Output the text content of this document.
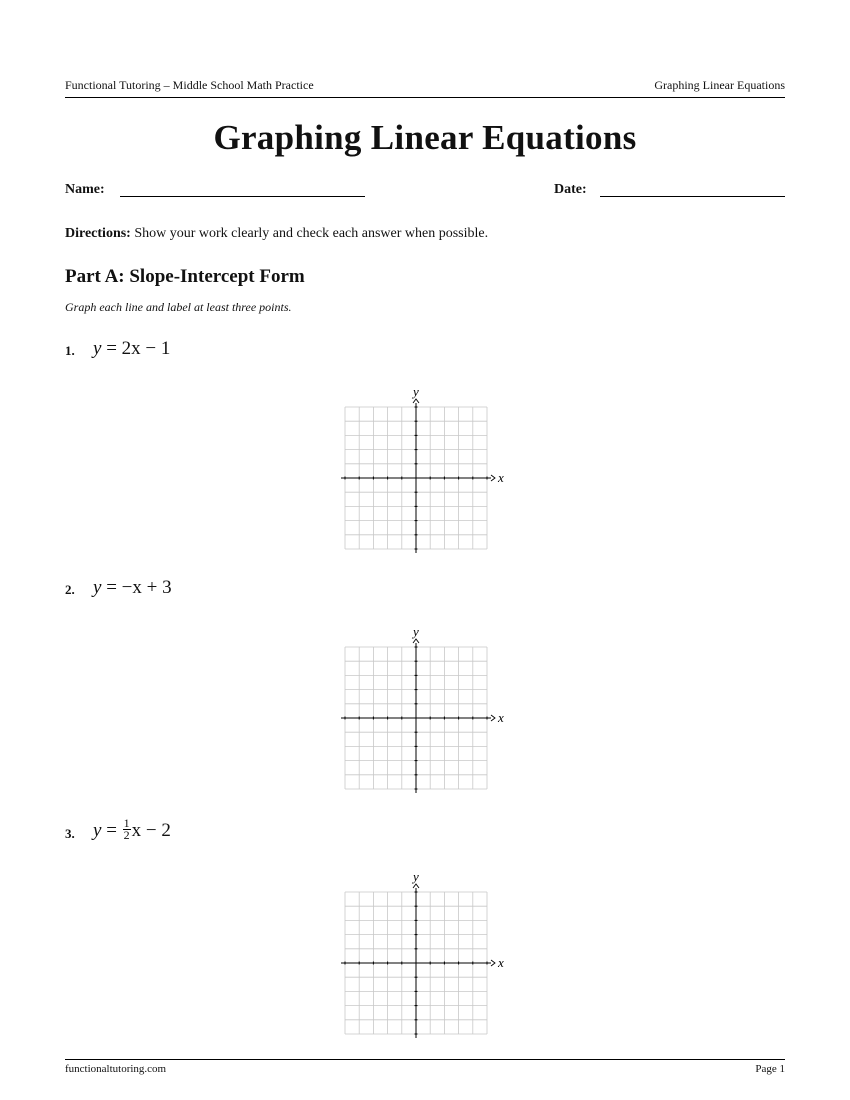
Functional Tutoring – Middle School Math Practice	Graphing Linear Equations
Graphing Linear Equations
Name:	Date:
Directions: Show your work clearly and check each answer when possible.
Part A: Slope-Intercept Form
Graph each line and label at least three points.
1. y = 2x − 1
2. y = −x + 3
3. $y = \frac{1}{2}$ x − 2
x
y
x
y
x
y
functionaltutoring.com	Page 1
